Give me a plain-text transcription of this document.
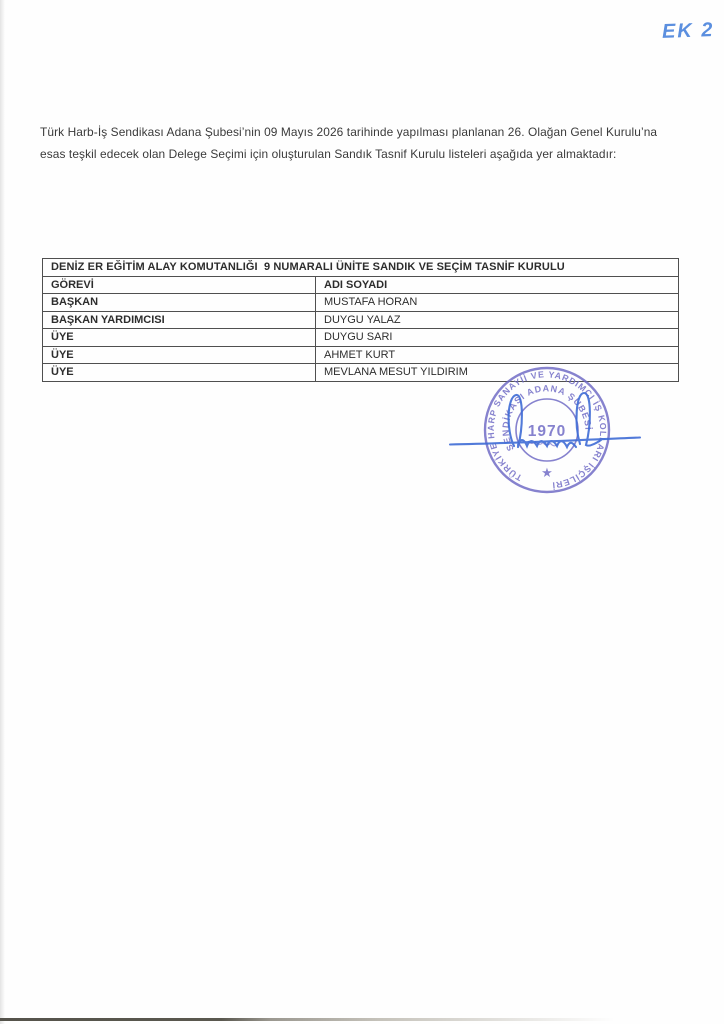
EK 2
Türk Harb-İş Sendikası Adana Şubesi’nin 09 Mayıs 2026 tarihinde yapılması planlanan 26. Olağan Genel Kurulu’na
esas teşkil edecek olan Delege Seçimi için oluşturulan Sandık Tasnif Kurulu listeleri aşağıda yer almaktadır:
DENİZ ER EĞİTİM ALAY KOMUTANLIĞI  9 NUMARALI ÜNİTE SANDIK VE SEÇİM TASNİF KURULU	
GÖREVİ	ADI SOYADI
BAŞKAN	MUSTAFA HORAN
BAŞKAN YARDIMCISI	DUYGU YALAZ
ÜYE	DUYGU SARI
ÜYE	AHMET KURT
ÜYE	MEVLANA MESUT YILDIRIM
TÜRKİYE HARP SANAYİİ VE YARDIMCI İŞ KOLLARI İŞÇİLERİ
SENDİKASI ADANA ŞUBESİ
1970
★
